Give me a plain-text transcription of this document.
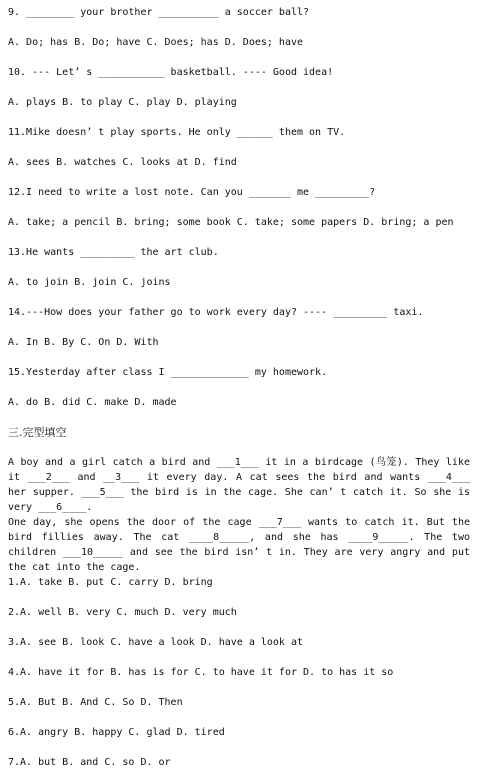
9. ________ your brother __________ a soccer ball?
A. Do; has B. Do; have C. Does; has D. Does; have
10. --- Let’ s ___________ basketball. ---- Good idea!
A. plays B. to play C. play D. playing
11.Mike doesn’ t play sports. He only ______ them on TV.
A. sees B. watches C. looks at D. find
12.I need to write a lost note. Can you _______ me _________?
A. take; a pencil B. bring; some book C. take; some papers D. bring; a pen
13.He wants _________ the art club.
A. to join B. join C. joins
14.---How does your father go to work every day? ---- _________ taxi.
A. In B. By C. On D. With
15.Yesterday after class I _____________ my homework.
A. do B. did C. make D. made
三.完型填空
A boy and a girl catch a bird and ___1___ it in a birdcage (鸟笼). They like it ___2___ and __3___ it every day. A cat sees the bird and wants ___4___ her supper. ___5___ the bird is in the cage. She can’ t catch it. So she is very ___6____.
One day, she opens the door of the cage ___7___ wants to catch it. But the bird fillies away. The cat ____8_____, and she has ____9_____. The two children ___10_____ and see the bird isn’ t in. They are very angry and put the cat into the cage.
1.A. take B. put C. carry D. bring
2.A. well B. very C. much D. very much
3.A. see B. look C. have a look D. have a look at
4.A. have it for B. has is for C. to have it for D. to has it so
5.A. But B. And C. So D. Then
6.A. angry B. happy C. glad D. tired
7.A. but B. and C. so D. or
